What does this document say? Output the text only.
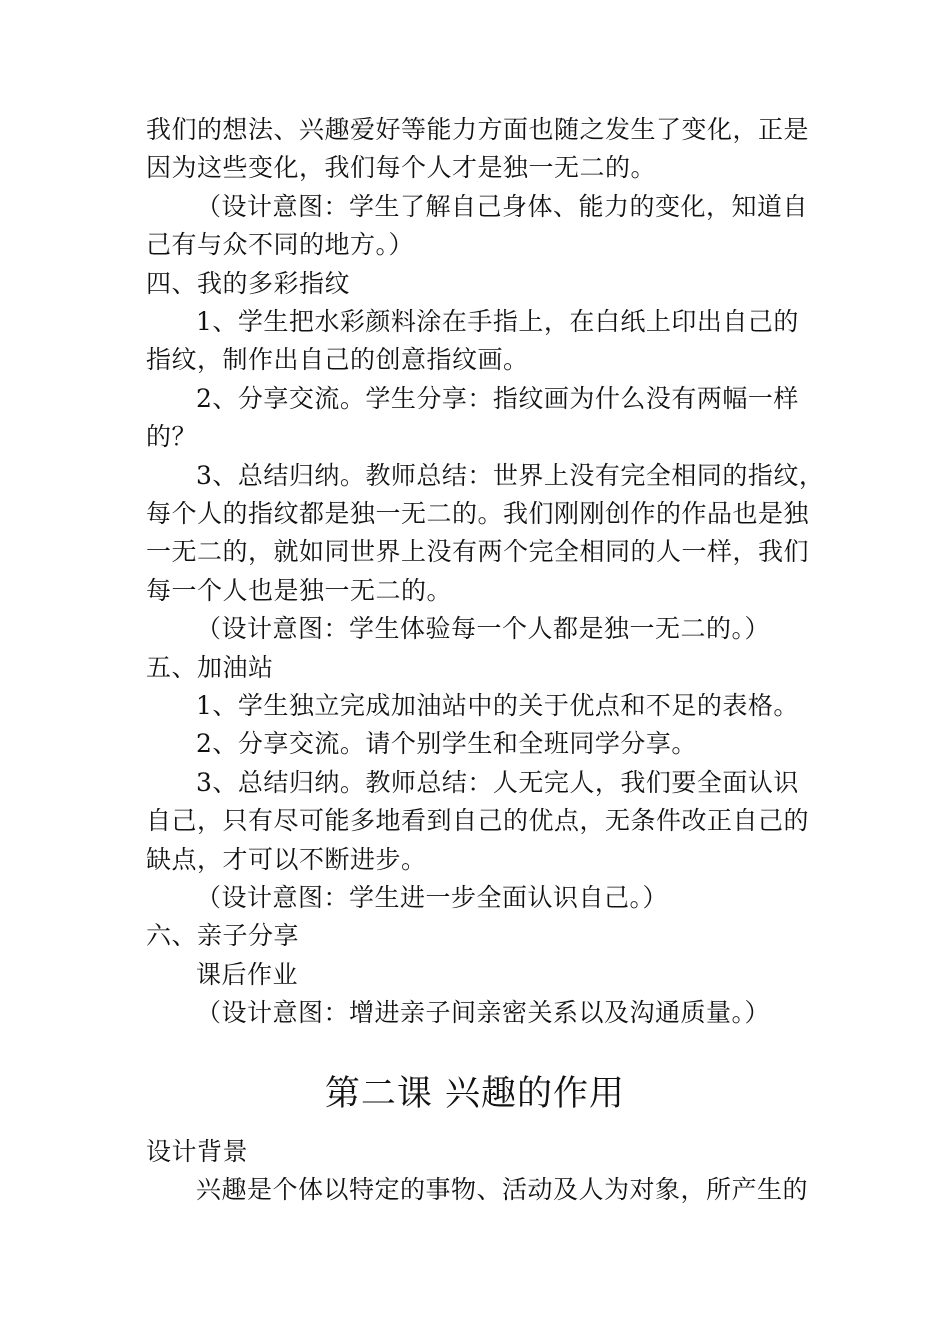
我们的想法、兴趣爱好等能力方面也随之发生了变化，正是
因为这些变化，我们每个人才是独一无二的。
（设计意图：学生了解自己身体、能力的变化，知道自
己有与众不同的地方。）
四、我的多彩指纹
1、学生把水彩颜料涂在手指上，在白纸上印出自己的
指纹，制作出自己的创意指纹画。
2、分享交流。学生分享：指纹画为什么没有两幅一样
的？
3、总结归纳。教师总结：世界上没有完全相同的指纹，
每个人的指纹都是独一无二的。我们刚刚创作的作品也是独
一无二的，就如同世界上没有两个完全相同的人一样，我们
每一个人也是独一无二的。
（设计意图：学生体验每一个人都是独一无二的。）
五、加油站
1、学生独立完成加油站中的关于优点和不足的表格。
2、分享交流。请个别学生和全班同学分享。
3、总结归纳。教师总结：人无完人，我们要全面认识
自己，只有尽可能多地看到自己的优点，无条件改正自己的
缺点，才可以不断进步。
（设计意图：学生进一步全面认识自己。）
六、亲子分享
课后作业
（设计意图：增进亲子间亲密关系以及沟通质量。）
第二课 兴趣的作用
设计背景
兴趣是个体以特定的事物、活动及人为对象，所产生的
